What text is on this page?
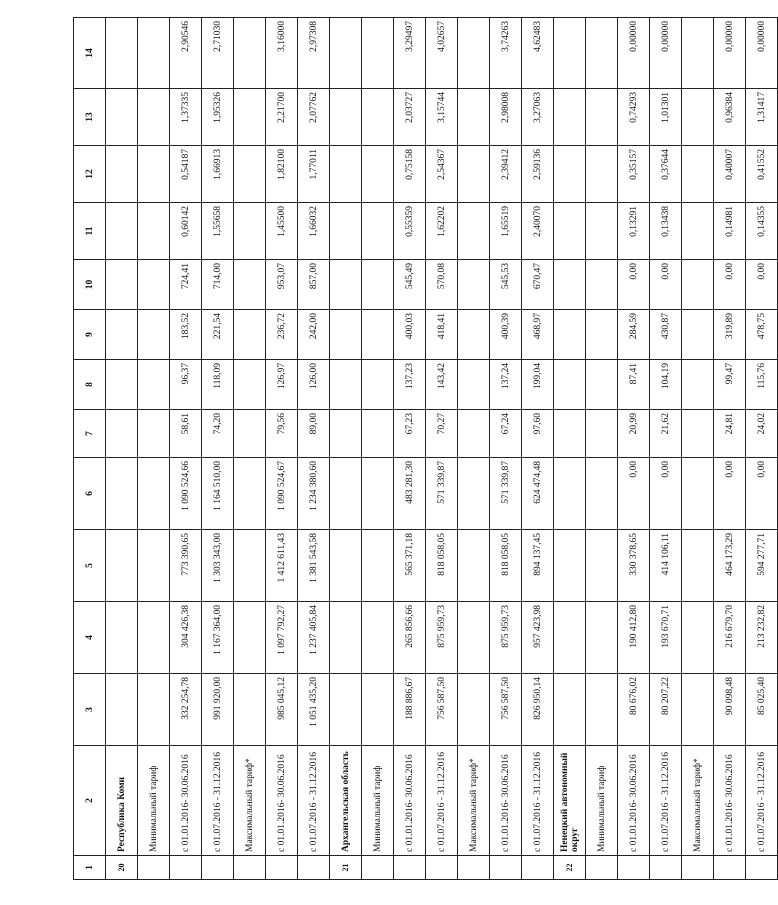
1	2	3	4	5	6	7	8	9	10	11	12	13	14
20	Республика Коми												
	Минимальный тариф												
	с 01.01.2016- 30.06.2016	332 254,78	304 426,38	773 390,65	1 090 524,66	58,61	96,37	183,52	724,41	0,60142	0,54187	1,37335	2,90546
	с 01.07.2016 - 31.12.2016	991 920,00	1 167 364,00	1 303 343,00	1 164 510,00	74,20	118,09	221,54	714,00	1,55658	1,66913	1,95326	2,71030
	Максимальный тариф*												
	с 01.01.2016- 30.06.2016	985 045,12	1 097 792,27	1 412 611,43	1 090 524,67	79,56	126,97	236,72	953,07	1,45500	1,82100	2,21700	3,16000
	с 01.07.2016 - 31.12.2016	1 051 435,20	1 237 405,84	1 381 543,58	1 234 380,60	89,00	126,00	242,00	857,00	1,66032	1,77011	2,07762	2,97308
21	Архангельская область												
	Минимальный тариф												
	с 01.01.2016- 30.06.2016	188 886,67	265 856,66	565 371,18	483 281,30	67,23	137,23	400,03	545,49	0,55359	0,75158	2,03727	3,29497
	с 01.07.2016 - 31.12.2016	756 587,50	875 959,73	818 058,05	571 339,87	70,27	143,42	418,41	570,08	1,62202	2,54367	3,15744	4,02657
	Максимальный тариф*												
	с 01.01.2016- 30.06.2016	756 587,50	875 959,73	818 058,05	571 339,87	67,24	137,24	400,39	545,53	1,65519	2,39412	2,98008	3,74263
	с 01.07.2016 - 31.12.2016	826 950,14	957 423,98	894 137,45	624 474,48	97,60	199,04	468,97	670,47	2,40070	2,59136	3,27063	4,62483
22	Ненецкий автономный округ												
	Минимальный тариф												
	с 01.01.2016- 30.06.2016	80 676,02	190 412,80	330 378,65	0,00	20,99	87,41	284,59	0,00	0,13291	0,35157	0,74293	0,00000
	с 01.07.2016 - 31.12.2016	80 207,22	193 670,71	414 106,11	0,00	21,62	104,19	430,87	0,00	0,13438	0,37644	1,01301	0,00000
	Максимальный тариф*												
	с 01.01.2016- 30.06.2016	90 098,48	216 679,70	464 173,29	0,00	24,81	99,47	319,89	0,00	0,14981	0,40007	0,96384	0,00000
	с 01.07.2016 - 31.12.2016	85 025,40	213 232,82	594 277,71	0,00	24,02	115,76	478,75	0,00	0,14355	0,41552	1,31417	0,00000
